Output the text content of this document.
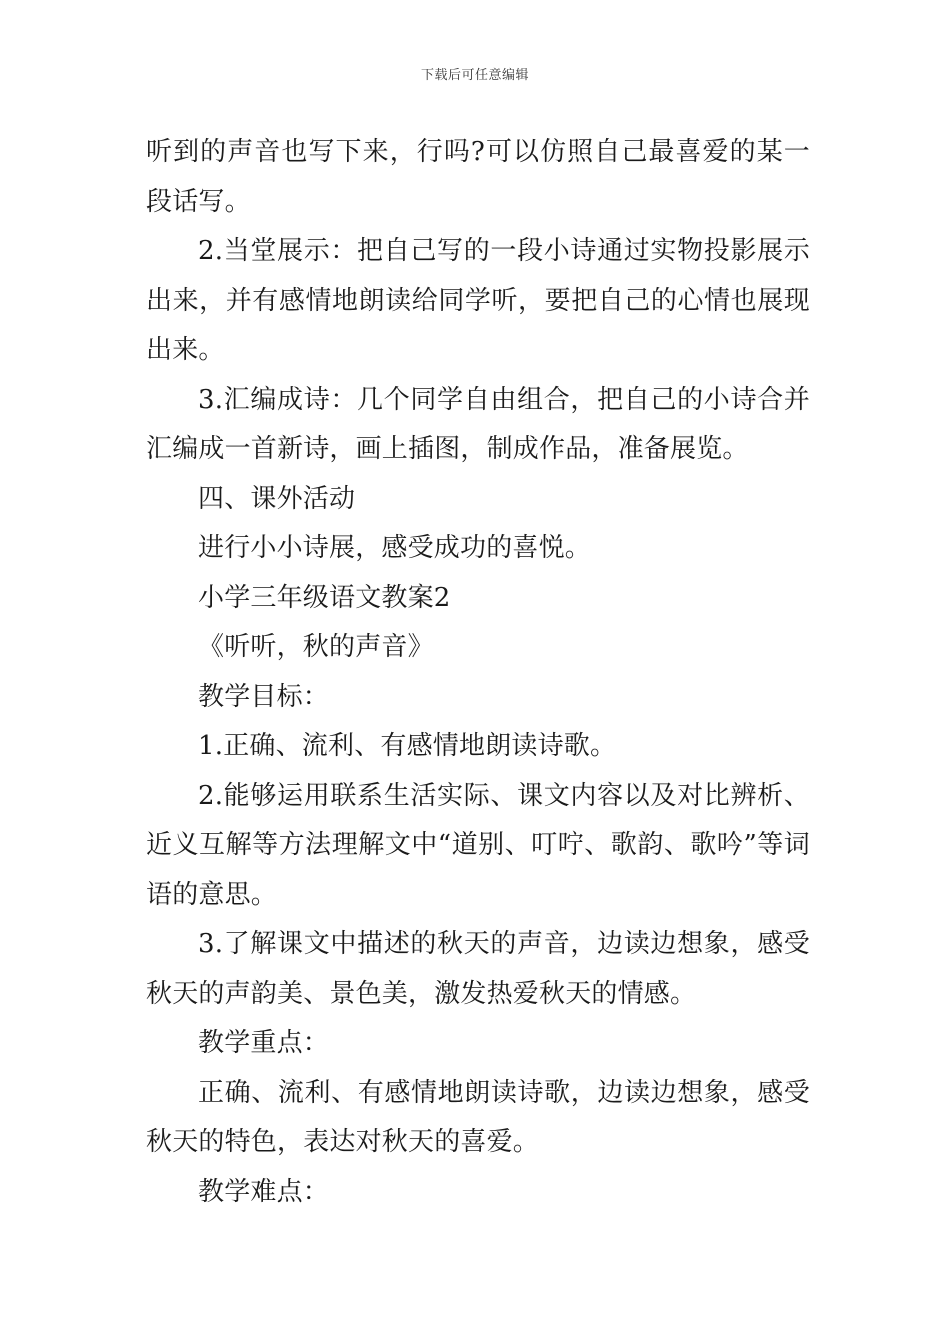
下载后可任意编辑

听到的声音也写下来，行吗?可以仿照自己最喜爱的某一段话写。

2.当堂展示：把自己写的一段小诗通过实物投影展示出来，并有感情地朗读给同学听，要把自己的心情也展现出来。

3.汇编成诗：几个同学自由组合，把自己的小诗合并汇编成一首新诗，画上插图，制成作品，准备展览。

四、课外活动

进行小小诗展，感受成功的喜悦。

小学三年级语文教案2

《听听，秋的声音》

教学目标：

1.正确、流利、有感情地朗读诗歌。

2.能够运用联系生活实际、课文内容以及对比辨析、近义互解等方法理解文中“道别、叮咛、歌韵、歌吟”等词语的意思。

3.了解课文中描述的秋天的声音，边读边想象，感受秋天的声韵美、景色美，激发热爱秋天的情感。

教学重点：

正确、流利、有感情地朗读诗歌，边读边想象，感受秋天的特色，表达对秋天的喜爱。

教学难点：
